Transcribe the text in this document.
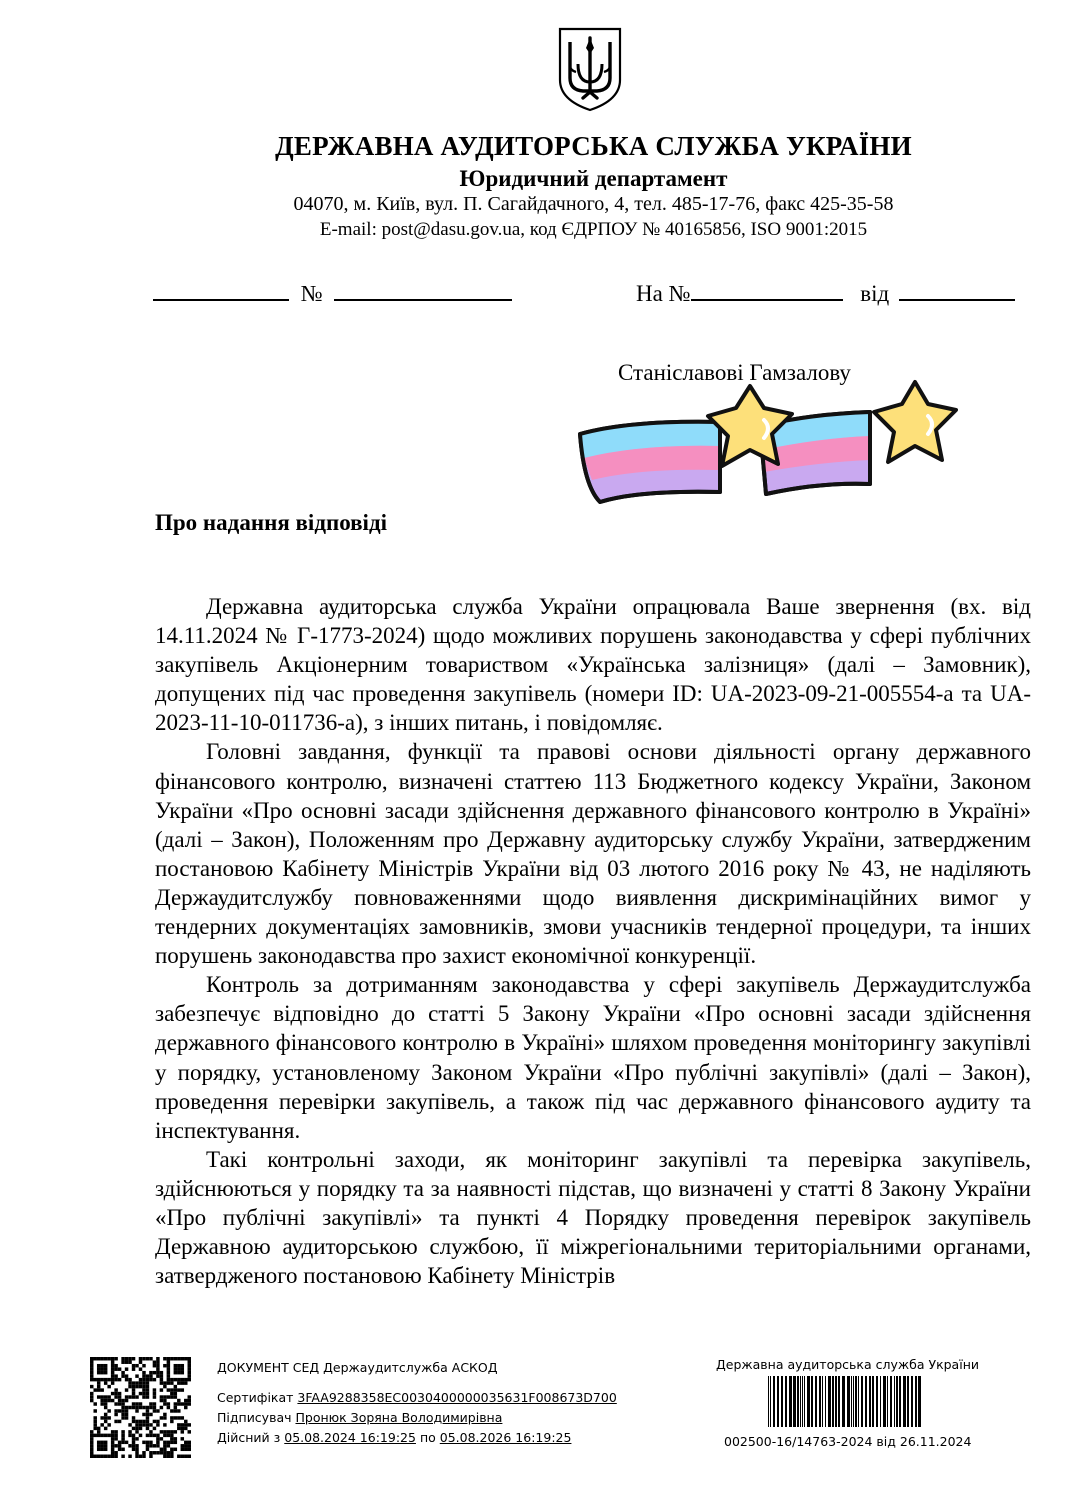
ДЕРЖАВНА АУДИТОРСЬКА СЛУЖБА УКРАЇНИ
Юридичний департамент
04070, м. Київ, вул. П. Сагайдачного, 4, тел. 485-17-76, факс 425-35-58
E-mail: post@dasu.gov.ua, код ЄДРПОУ № 40165856, ISO 9001:2015
№	На №	від
Станіславові Гамзалову
Про надання відповіді

Державна аудиторська служба України опрацювала Ваше звернення (вх. від 14.11.2024 № Г-1773-2024) щодо можливих порушень законодавства у сфері публічних закупівель Акціонерним товариством «Українська залізниця» (далі – Замовник), допущених під час проведення закупівель (номери ID: UA-2023-09-21-005554-a та UA-2023-11-10-011736-a), з інших питань, і повідомляє.

Головні завдання, функції та правові основи діяльності органу державного фінансового контролю, визначені статтею 113 Бюджетного кодексу України, Законом України «Про основні засади здійснення державного фінансового контролю в Україні» (далі – Закон), Положенням про Державну аудиторську службу України, затвердженим постановою Кабінету Міністрів України від 03 лютого 2016 року № 43, не наділяють Держаудитслужбу повноваженнями щодо виявлення дискримінаційних вимог у тендерних документаціях замовників, змови учасників тендерної процедури, та інших порушень законодавства про захист економічної конкуренції.

Контроль за дотриманням законодавства у сфері закупівель Держаудитслужба забезпечує відповідно до статті 5 Закону України «Про основні засади здійснення державного фінансового контролю в Україні» шляхом проведення моніторингу закупівлі у порядку, установленому Законом України «Про публічні закупівлі» (далі – Закон), проведення перевірки закупівель, а також під час державного фінансового аудиту та інспектування.

Такі контрольні заходи, як моніторинг закупівлі та перевірка закупівель, здійснюються у порядку та за наявності підстав, що визначені у статті 8 Закону України «Про публічні закупівлі» та пункті 4 Порядку проведення перевірок закупівель Державною аудиторською службою, її міжрегіональними територіальними органами, затвердженого постановою Кабінету Міністрів

ДОКУМЕНТ СЕД Держаудитслужба АСКОД
Сертифікат 3FAA9288358EC0030400000035631F008673D700
Підписувач Пронюк Зоряна Володимирівна
Дійсний з 05.08.2024 16:19:25 по 05.08.2026 16:19:25
Державна аудиторська служба України
002500-16/14763-2024 від 26.11.2024
